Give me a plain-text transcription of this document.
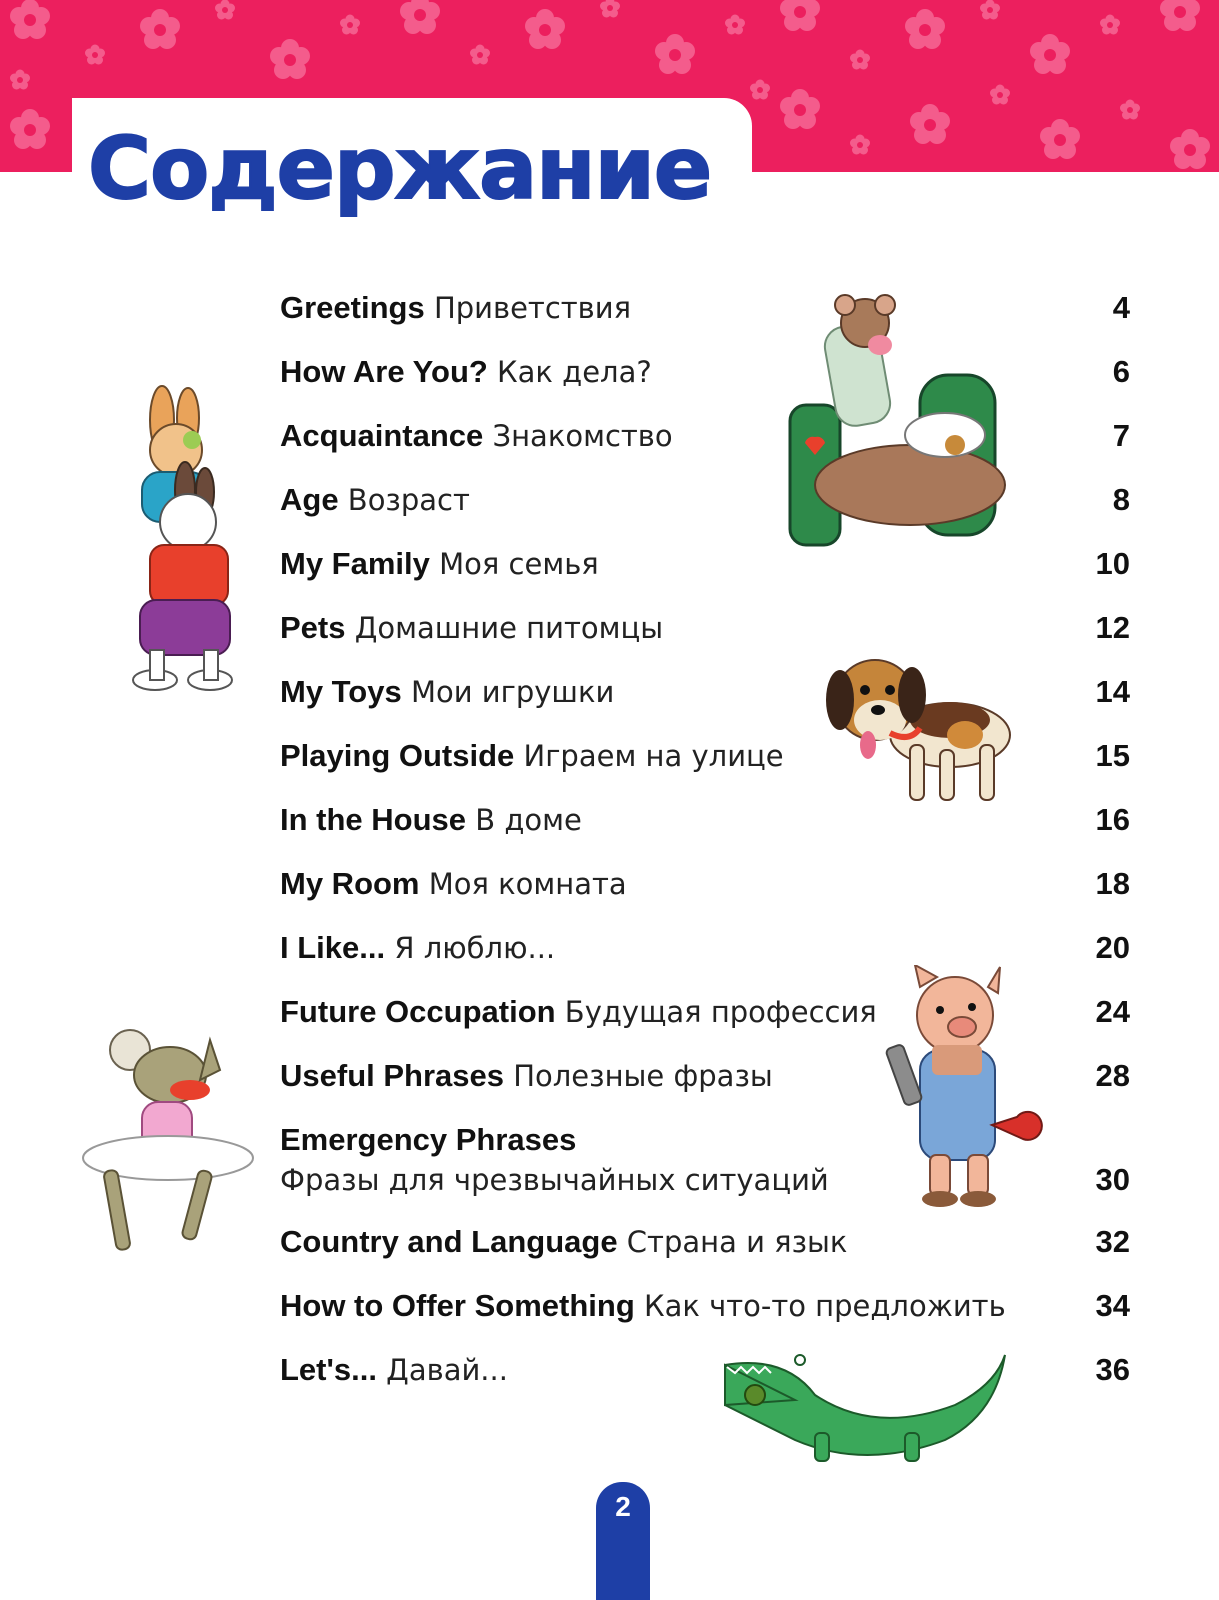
Содержание
Greetings Приветствия	4
How Are You? Как дела?	6
Acquaintance Знакомство	7
Age Возраст	8
My Family Моя семья	10
Pets Домашние питомцы	12
My Toys Мои игрушки	14
Playing Outside Играем на улице	15
In the House В доме	16
My Room Моя комната	18
I Like... Я люблю...	20
Future Occupation Будущая профессия	24
Useful Phrases Полезные фразы	28
Emergency Phrases
Фразы для чрезвычайных ситуаций	30
Country and Language Страна и язык	32
How to Offer Something Как что-то предложить	34
Let's... Давай...	36
2
